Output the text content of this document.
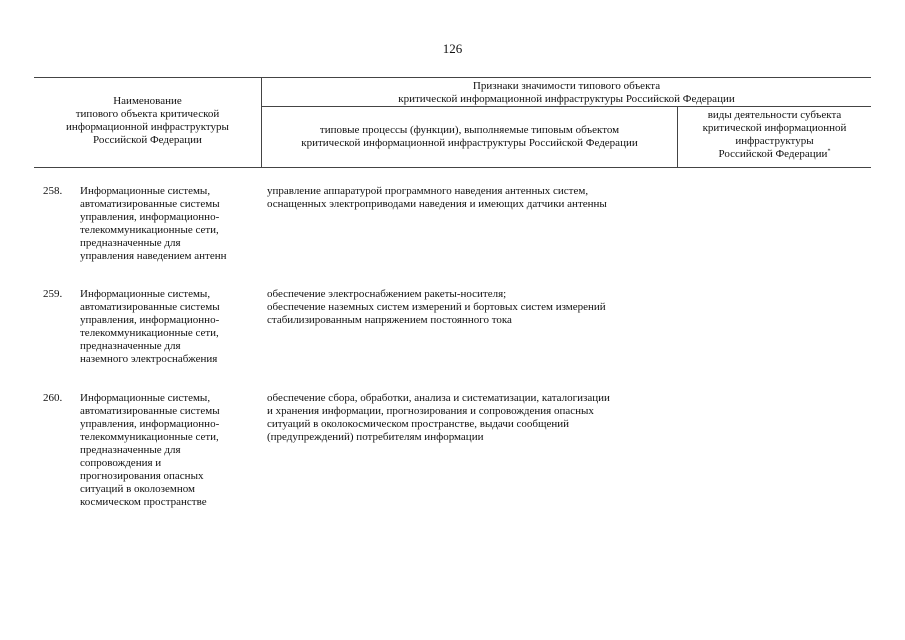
126
Наименование
типового объекта критической
информационной инфраструктуры
Российской Федерации
Признаки значимости типового объекта
критической информационной инфраструктуры Российской Федерации
типовые процессы (функции), выполняемые типовым объектом
критической информационной инфраструктуры Российской Федерации
виды деятельности субъекта
критической информационной
инфраструктуры
Российской Федерации*
258. Информационные системы,
автоматизированные системы
управления, информационно-
телекоммуникационные сети,
предназначенные для
управления наведением антенн
управление аппаратурой программного наведения антенных систем,
оснащенных электроприводами наведения и имеющих датчики антенны
259. Информационные системы,
автоматизированные системы
управления, информационно-
телекоммуникационные сети,
предназначенные для
наземного электроснабжения
обеспечение электроснабжением ракеты-носителя;
обеспечение наземных систем измерений и бортовых систем измерений
стабилизированным напряжением постоянного тока
260. Информационные системы,
автоматизированные системы
управления, информационно-
телекоммуникационные сети,
предназначенные для
сопровождения и
прогнозирования опасных
ситуаций в околоземном
космическом пространстве
обеспечение сбора, обработки, анализа и систематизации, каталогизации
и хранения информации, прогнозирования и сопровождения опасных
ситуаций в околокосмическом пространстве, выдачи сообщений
(предупреждений) потребителям информации
